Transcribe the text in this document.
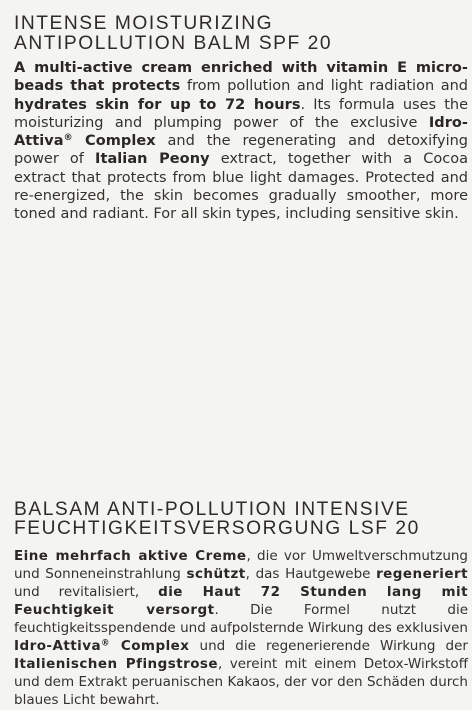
INTENSE MOISTURIZING
ANTIPOLLUTION BALM SPF 20

A multi-active cream enriched with vitamin E micro-beads that protects from pollution and light radiation and hydrates skin for up to 72 hours. Its formula uses the moisturizing and plumping power of the exclusive Idro-Attiva® Complex and the regenerating and detoxifying power of Italian Peony extract, together with a Cocoa extract that protects from blue light damages. Protected and re-energized, the skin becomes gradually smoother, more toned and radiant. For all skin types, including sensitive skin.

BALSAM ANTI-POLLUTION INTENSIVE
FEUCHTIGKEITSVERSORGUNG LSF 20

Eine mehrfach aktive Creme, die vor Umweltverschmutzung und Sonneneinstrahlung schützt, das Hautgewebe regeneriert und revitalisiert, die Haut 72 Stunden lang mit Feuchtigkeit versorgt. Die Formel nutzt die feuchtigkeitsspendende und aufpolsternde Wirkung des exklusiven Idro-Attiva® Complex und die regenerierende Wirkung der Italienischen Pfingstrose, vereint mit einem Detox-Wirkstoff und dem Extrakt peruanischen Kakaos, der vor den Schäden durch blaues Licht bewahrt.
